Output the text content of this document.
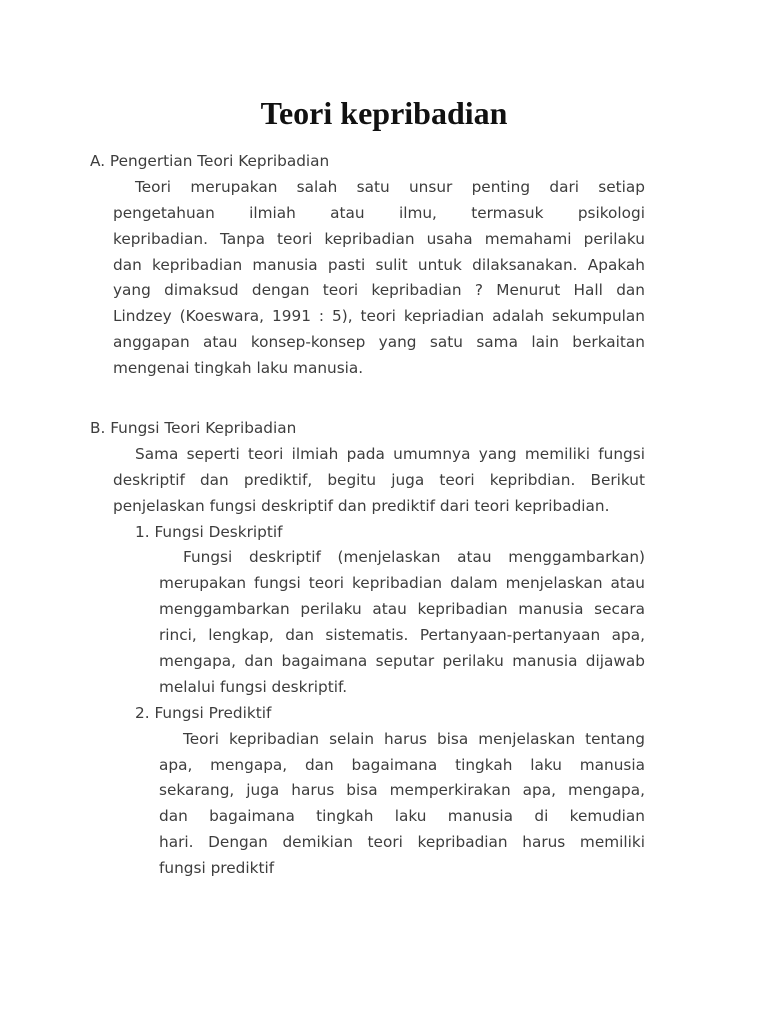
Teori kepribadian
A. Pengertian Teori Kepribadian
Teori merupakan salah satu unsur penting dari setiap
pengetahuan ilmiah atau ilmu, termasuk psikologi
kepribadian. Tanpa teori kepribadian usaha memahami perilaku
dan kepribadian manusia pasti sulit untuk dilaksanakan. Apakah
yang dimaksud dengan teori kepribadian ? Menurut Hall dan
Lindzey (Koeswara, 1991 : 5), teori kepriadian adalah sekumpulan
anggapan atau konsep-konsep yang satu sama lain berkaitan
mengenai tingkah laku manusia.
B. Fungsi Teori Kepribadian
Sama seperti teori ilmiah pada umumnya yang memiliki fungsi
deskriptif dan prediktif, begitu juga teori kepribdian. Berikut
penjelaskan fungsi deskriptif dan prediktif dari teori kepribadian.
1. Fungsi Deskriptif
Fungsi deskriptif (menjelaskan atau menggambarkan)
merupakan fungsi teori kepribadian dalam menjelaskan atau
menggambarkan perilaku atau kepribadian manusia secara
rinci, lengkap, dan sistematis. Pertanyaan-pertanyaan apa,
mengapa, dan bagaimana seputar perilaku manusia dijawab
melalui fungsi deskriptif.
2. Fungsi Prediktif
Teori kepribadian selain harus bisa menjelaskan tentang
apa, mengapa, dan bagaimana tingkah laku manusia
sekarang, juga harus bisa memperkirakan apa, mengapa,
dan bagaimana tingkah laku manusia di kemudian
hari. Dengan demikian teori kepribadian harus memiliki
fungsi prediktif
